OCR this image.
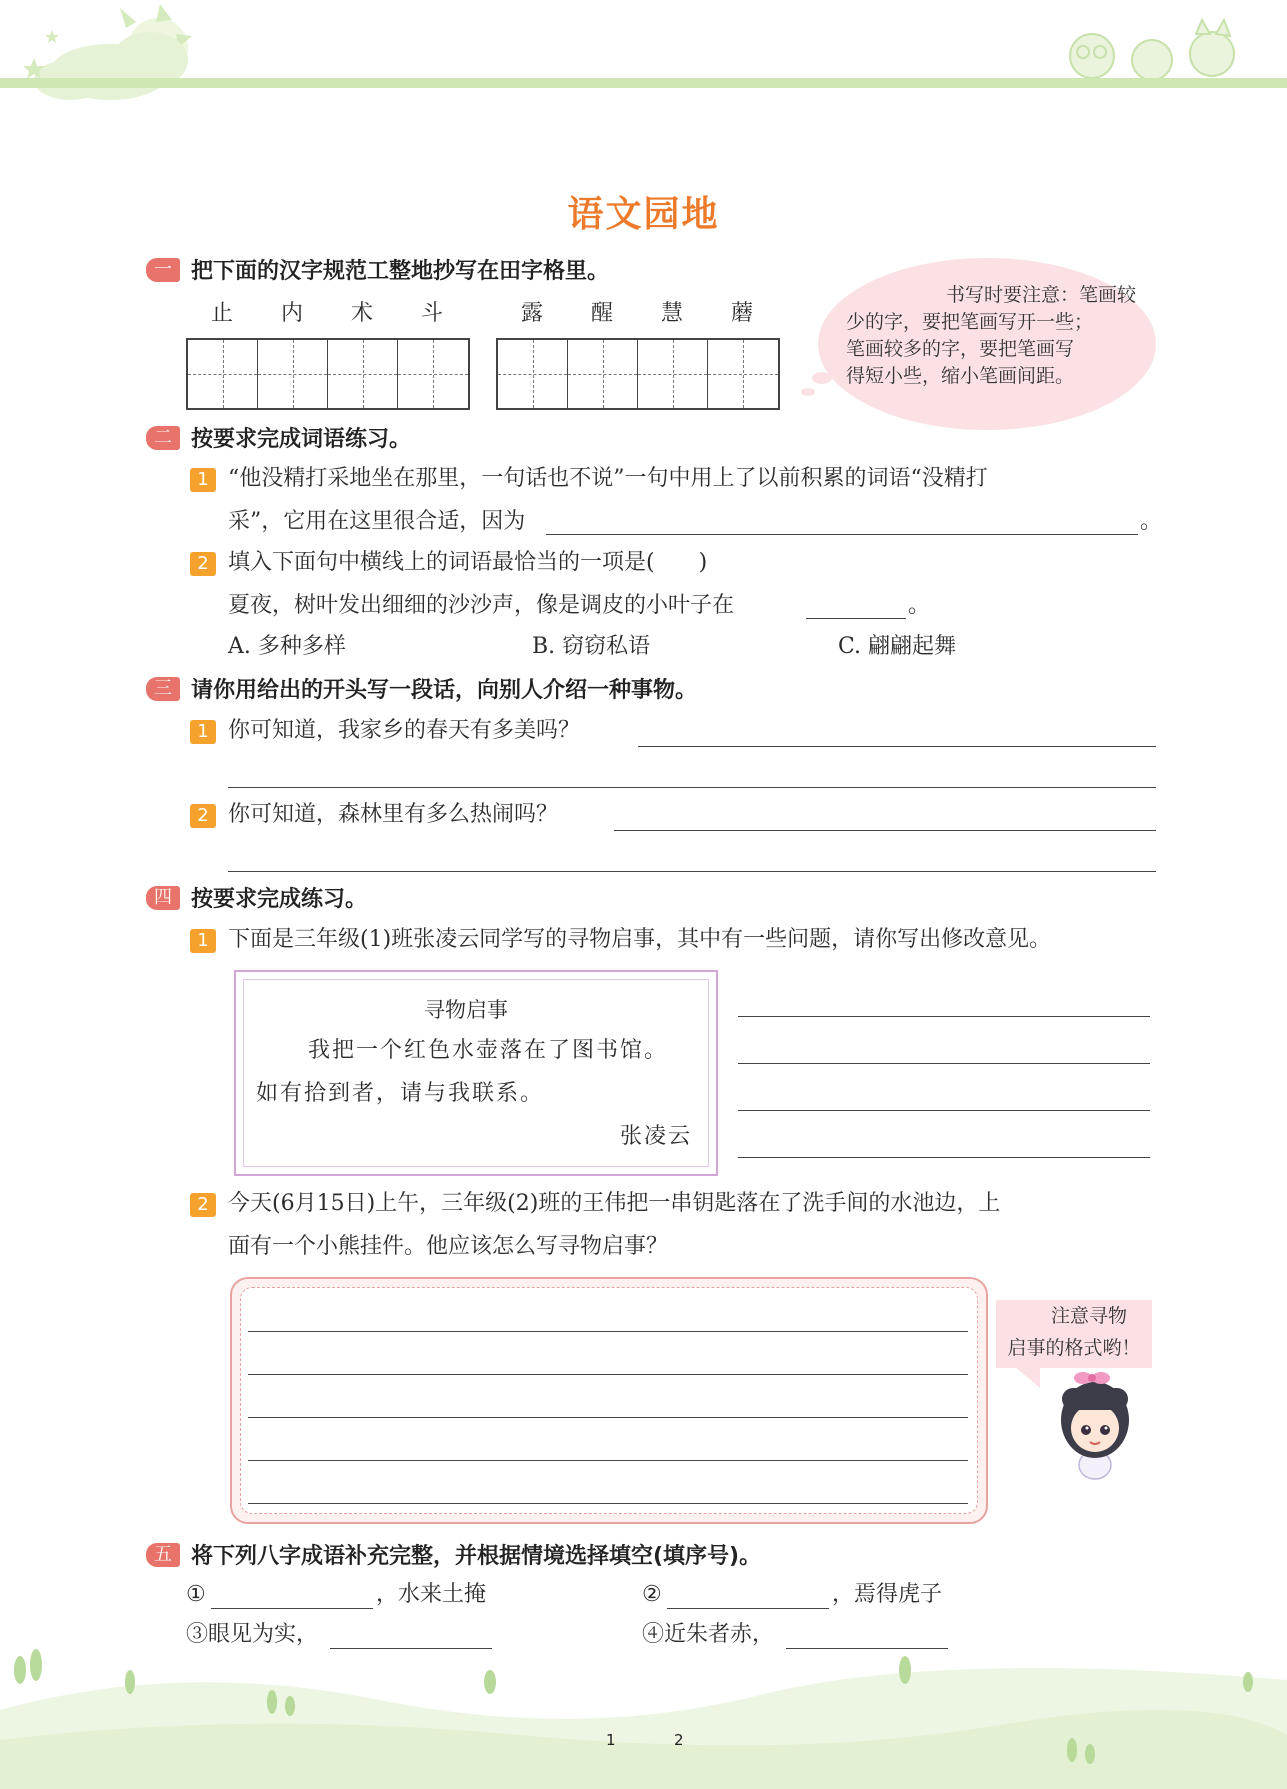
语文园地
一 把下面的汉字规范工整地抄写在田字格里。
止	内	术	斗	露	醒	慧	蘑
书写时要注意：笔画较
少的字，要把笔画写开一些；
笔画较多的字，要把笔画写
得短小些，缩小笔画间距。
二 按要求完成词语练习。
1 “他没精打采地坐在那里，一句话也不说”一句中用上了以前积累的词语“没精打
采”，它用在这里很合适，因为	。
2 填入下面句中横线上的词语最恰当的一项是(　　)
夏夜，树叶发出细细的沙沙声，像是调皮的小叶子在	。
A. 多种多样	B. 窃窃私语	C. 翩翩起舞
三 请你用给出的开头写一段话，向别人介绍一种事物。
1 你可知道，我家乡的春天有多美吗？
2 你可知道，森林里有多么热闹吗？
四 按要求完成练习。
1 下面是三年级(1)班张凌云同学写的寻物启事，其中有一些问题，请你写出修改意见。
寻物启事
我把一个红色水壶落在了图书馆。
如有拾到者，请与我联系。
张凌云
2 今天(6月15日)上午，三年级(2)班的王伟把一串钥匙落在了洗手间的水池边，上
面有一个小熊挂件。他应该怎么写寻物启事？
注意寻物
启事的格式哟！
五 将下列八字成语补充完整，并根据情境选择填空(填序号)。
①	，水来土掩	②	，焉得虎子
③眼见为实，	④近朱者赤，
1	2
